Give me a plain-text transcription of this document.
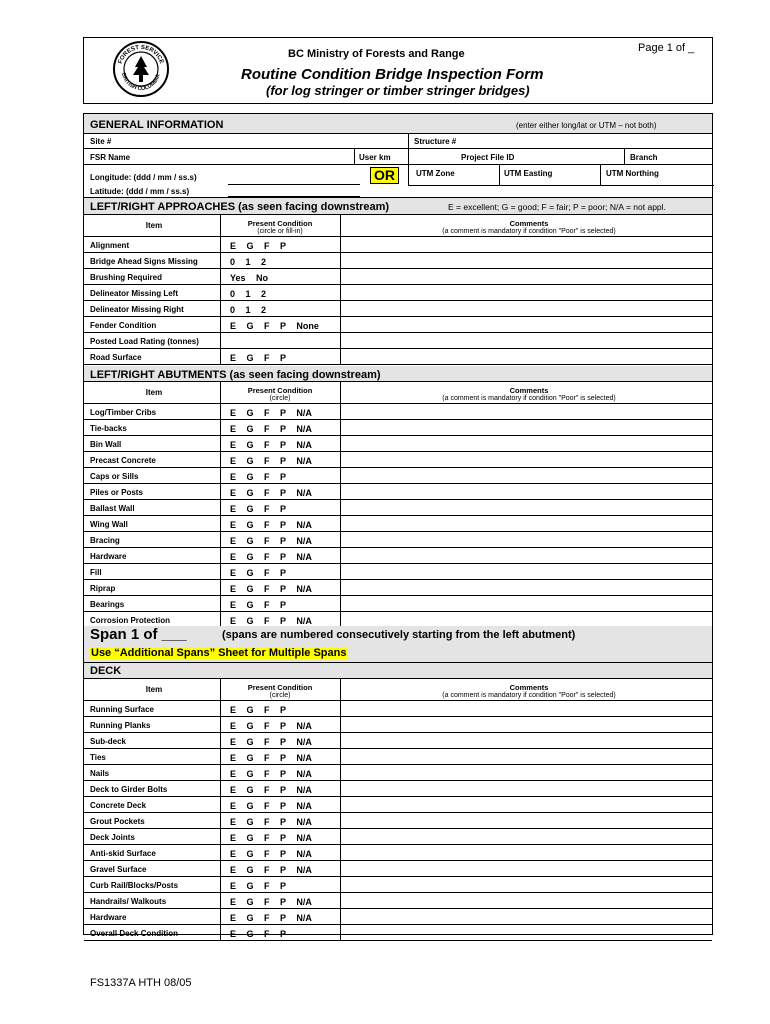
FOREST SERVICE
BRITISH COLUMBIA
Page 1 of _
BC Ministry of Forests and Range
Routine Condition Bridge Inspection Form
(for log stringer or timber stringer bridges)
GENERAL INFORMATION	(enter either long/lat or UTM – not both)
Site #	Structure #
FSR Name	User km	Project File ID	Branch
Longitude: (ddd / mm / ss.s)
Latitude: (ddd / mm / ss.s)
OR	UTM Zone	UTM Easting	UTM Northing
LEFT/RIGHT APPROACHES (as seen facing downstream)	E = excellent; G = good; F = fair; P = poor; N/A = not appl.
Item	Present Condition
(circle or fill-in)
Comments
(a comment is mandatory if condition "Poor" is selected)
Alignment	E G F P
Bridge Ahead Signs Missing	0 1 2
Brushing Required	Yes No
Delineator Missing Left	0 1 2
Delineator Missing Right	0 1 2
Fender Condition	E G F P None
Posted Load Rating (tonnes)
Road Surface	E G F P
LEFT/RIGHT ABUTMENTS (as seen facing downstream)
Item	Present Condition
(circle)
Comments
(a comment is mandatory if condition "Poor" is selected)
Log/Timber Cribs	E G F P N/A
Tie-backs	E G F P N/A
Bin Wall	E G F P N/A
Precast Concrete	E G F P N/A
Caps or Sills	E G F P
Piles or Posts	E G F P N/A
Ballast Wall	E G F P
Wing Wall	E G F P N/A
Bracing	E G F P N/A
Hardware	E G F P N/A
Fill	E G F P
Riprap	E G F P N/A
Bearings	E G F P
Corrosion Protection	E G F P N/A
Span 1 of ___	(spans are numbered consecutively starting from the left abutment)
Use “Additional Spans” Sheet for Multiple Spans
DECK
Item	Present Condition
(circle)
Comments
(a comment is mandatory if condition "Poor" is selected)
Running Surface	E G F P
Running Planks	E G F P N/A
Sub-deck	E G F P N/A
Ties	E G F P N/A
Nails	E G F P N/A
Deck to Girder Bolts	E G F P N/A
Concrete Deck	E G F P N/A
Grout Pockets	E G F P N/A
Deck Joints	E G F P N/A
Anti-skid Surface	E G F P N/A
Gravel Surface	E G F P N/A
Curb Rail/Blocks/Posts	E G F P
Handrails/ Walkouts	E G F P N/A
Hardware	E G F P N/A
Overall Deck Condition	E G F P
FS1337A HTH 08/05
